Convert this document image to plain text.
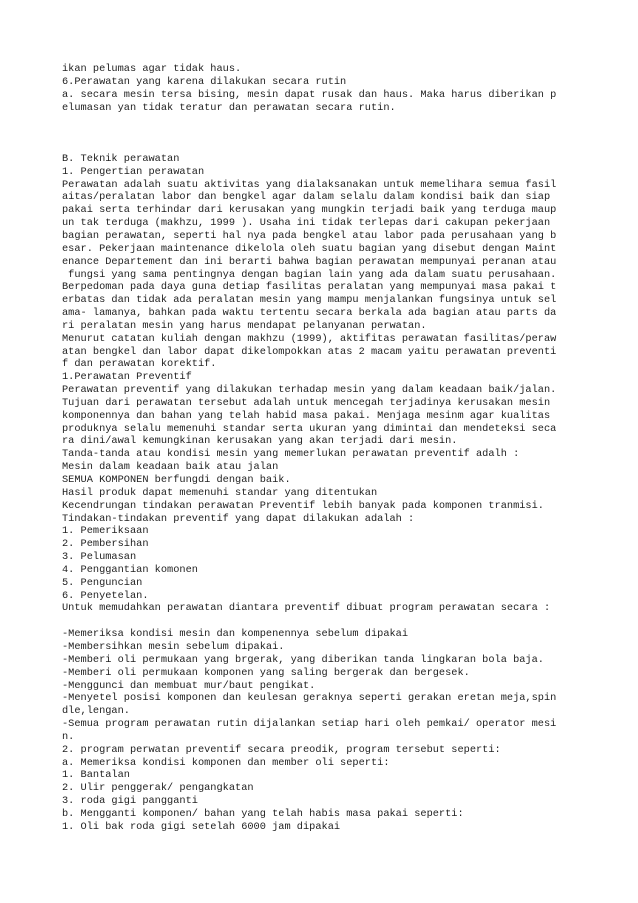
ikan pelumas agar tidak haus.
6.Perawatan yang karena dilakukan secara rutin
a. secara mesin tersa bising, mesin dapat rusak dan haus. Maka harus diberikan p
elumasan yan tidak teratur dan perawatan secara rutin.
B. Teknik perawatan
1. Pengertian perawatan
Perawatan adalah suatu aktivitas yang dialaksanakan untuk memelihara semua fasil
aitas/peralatan labor dan bengkel agar dalam selalu dalam kondisi baik dan siap
pakai serta terhindar dari kerusakan yang mungkin terjadi baik yang terduga maup
un tak terduga (makhzu, 1999 ). Usaha ini tidak terlepas dari cakupan pekerjaan
bagian perawatan, seperti hal nya pada bengkel atau labor pada perusahaan yang b
esar. Pekerjaan maintenance dikelola oleh suatu bagian yang disebut dengan Maint
enance Departement dan ini berarti bahwa bagian perawatan mempunyai peranan atau
fungsi yang sama pentingnya dengan bagian lain yang ada dalam suatu perusahaan.
Berpedoman pada daya guna detiap fasilitas peralatan yang mempunyai masa pakai t
erbatas dan tidak ada peralatan mesin yang mampu menjalankan fungsinya untuk sel
ama- lamanya, bahkan pada waktu tertentu secara berkala ada bagian atau parts da
ri peralatan mesin yang harus mendapat pelanyanan perwatan.
Menurut catatan kuliah dengan makhzu (1999), aktifitas perawatan fasilitas/peraw
atan bengkel dan labor dapat dikelompokkan atas 2 macam yaitu perawatan preventi
f dan perawatan korektif.
1.Perawatan Preventif
Perawatan preventif yang dilakukan terhadap mesin yang dalam keadaan baik/jalan.
Tujuan dari perawatan tersebut adalah untuk mencegah terjadinya kerusakan mesin
komponennya dan bahan yang telah habid masa pakai. Menjaga mesinm agar kualitas
produknya selalu memenuhi standar serta ukuran yang dimintai dan mendeteksi seca
ra dini/awal kemungkinan kerusakan yang akan terjadi dari mesin.
Tanda-tanda atau kondisi mesin yang memerlukan perawatan preventif adalh :
Mesin dalam keadaan baik atau jalan
SEMUA KOMPONEN berfungdi dengan baik.
Hasil produk dapat memenuhi standar yang ditentukan
Kecendrungan tindakan perawatan Preventif lebih banyak pada komponen tranmisi.
Tindakan-tindakan preventif yang dapat dilakukan adalah :
1. Pemeriksaan
2. Pembersihan
3. Pelumasan
4. Penggantian komonen
5. Penguncian
6. Penyetelan.
Untuk memudahkan perawatan diantara preventif dibuat program perawatan secara :
-Memeriksa kondisi mesin dan kompenennya sebelum dipakai
-Membersihkan mesin sebelum dipakai.
-Memberi oli permukaan yang brgerak, yang diberikan tanda lingkaran bola baja.
-Memberi oli permukaan komponen yang saling bergerak dan bergesek.
-Menggunci dan membuat mur/baut pengikat.
-Menyetel posisi komponen dan keulesan geraknya seperti gerakan eretan meja,spin
dle,lengan.
-Semua program perawatan rutin dijalankan setiap hari oleh pemkai/ operator mesi
n.
2. program perwatan preventif secara preodik, program tersebut seperti:
a. Memeriksa kondisi komponen dan member oli seperti:
1. Bantalan
2. Ulir penggerak/ pengangkatan
3. roda gigi pangganti
b. Mengganti komponen/ bahan yang telah habis masa pakai seperti:
1. Oli bak roda gigi setelah 6000 jam dipakai
